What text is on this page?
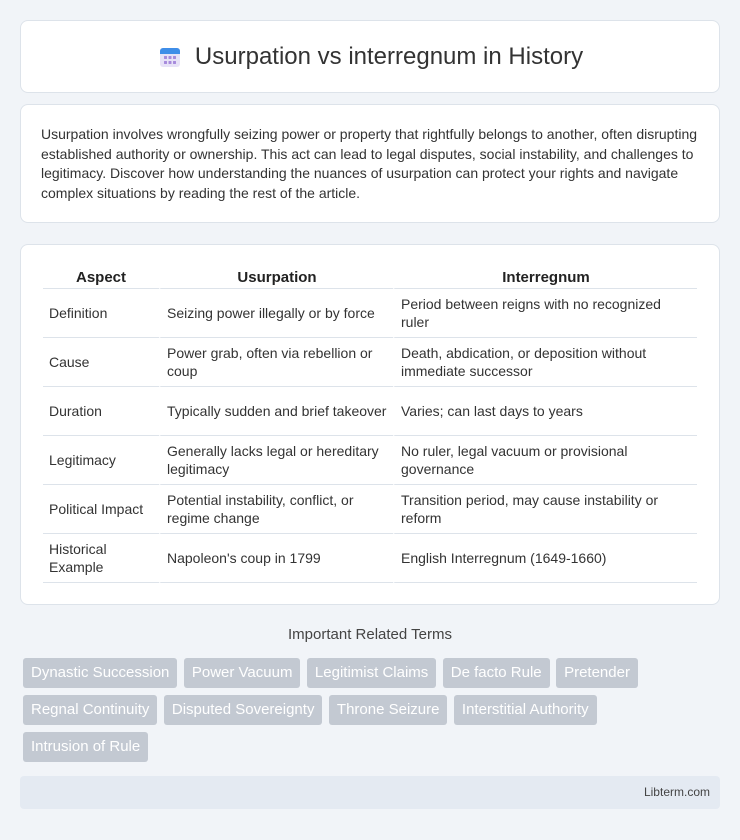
Usurpation vs interregnum in History

Usurpation involves wrongfully seizing power or property that rightfully belongs to another, often disrupting established authority or ownership. This act can lead to legal disputes, social instability, and challenges to legitimacy. Discover how understanding the nuances of usurpation can protect your rights and navigate complex situations by reading the rest of the article.

Aspect	Usurpation	Interregnum
Definition	Seizing power illegally or by force	Period between reigns with no recognized ruler
Cause	Power grab, often via rebellion or coup	Death, abdication, or deposition without immediate successor
Duration	Typically sudden and brief takeover	Varies; can last days to years
Legitimacy	Generally lacks legal or hereditary legitimacy	No ruler, legal vacuum or provisional governance
Political Impact	Potential instability, conflict, or regime change	Transition period, may cause instability or reform
Historical Example	Napoleon's coup in 1799	English Interregnum (1649-1660)
Important Related Terms
Dynastic Succession Power Vacuum Legitimist Claims De facto Rule Pretender Regnal Continuity Disputed Sovereignty Throne Seizure Interstitial Authority Intrusion of Rule
Libterm.com
